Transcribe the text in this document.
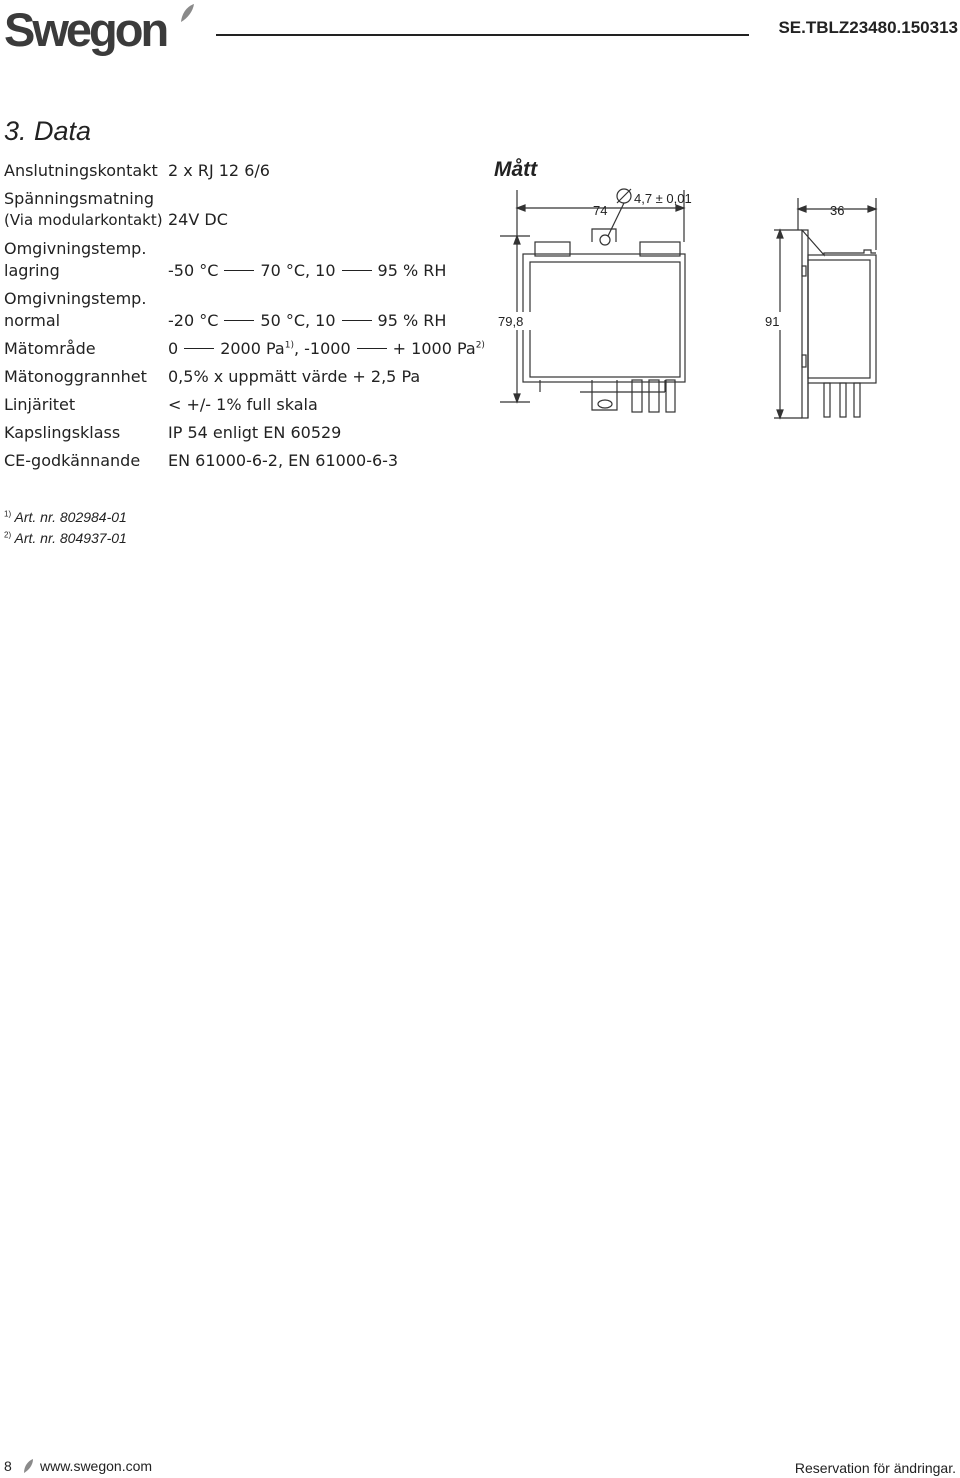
Swegon	SE.TBLZ23480.150313
3. Data
Anslutningskontakt 2 x RJ 12 6/6
Spänningsmatning
(Via modularkontakt) 24V DC
Omgivningstemp.
lagring	-50 °C	70 °C, 10	95 % RH
Omgivningstemp.
normal	-20 °C	50 °C, 10	95 % RH
Mätområde	0	2000 Pa$^{1)}$, -1000	+ 1000 Pa$^{2)}$
Mätonoggrannhet 0,5% x uppmätt värde + 2,5 Pa
Linjäritet	< +/- 1% full skala
Kapslingsklass	IP 54 enligt EN 60529
CE-godkännande EN 61000-6-2, EN 61000-6-3
Mått
74
4,7 ± 0,01
79,8
36
91
$^{1)}$ Art. nr. 802984-01
$^{2)}$ Art. nr. 804937-01
8 www.swegon.com	Reservation för ändringar.
